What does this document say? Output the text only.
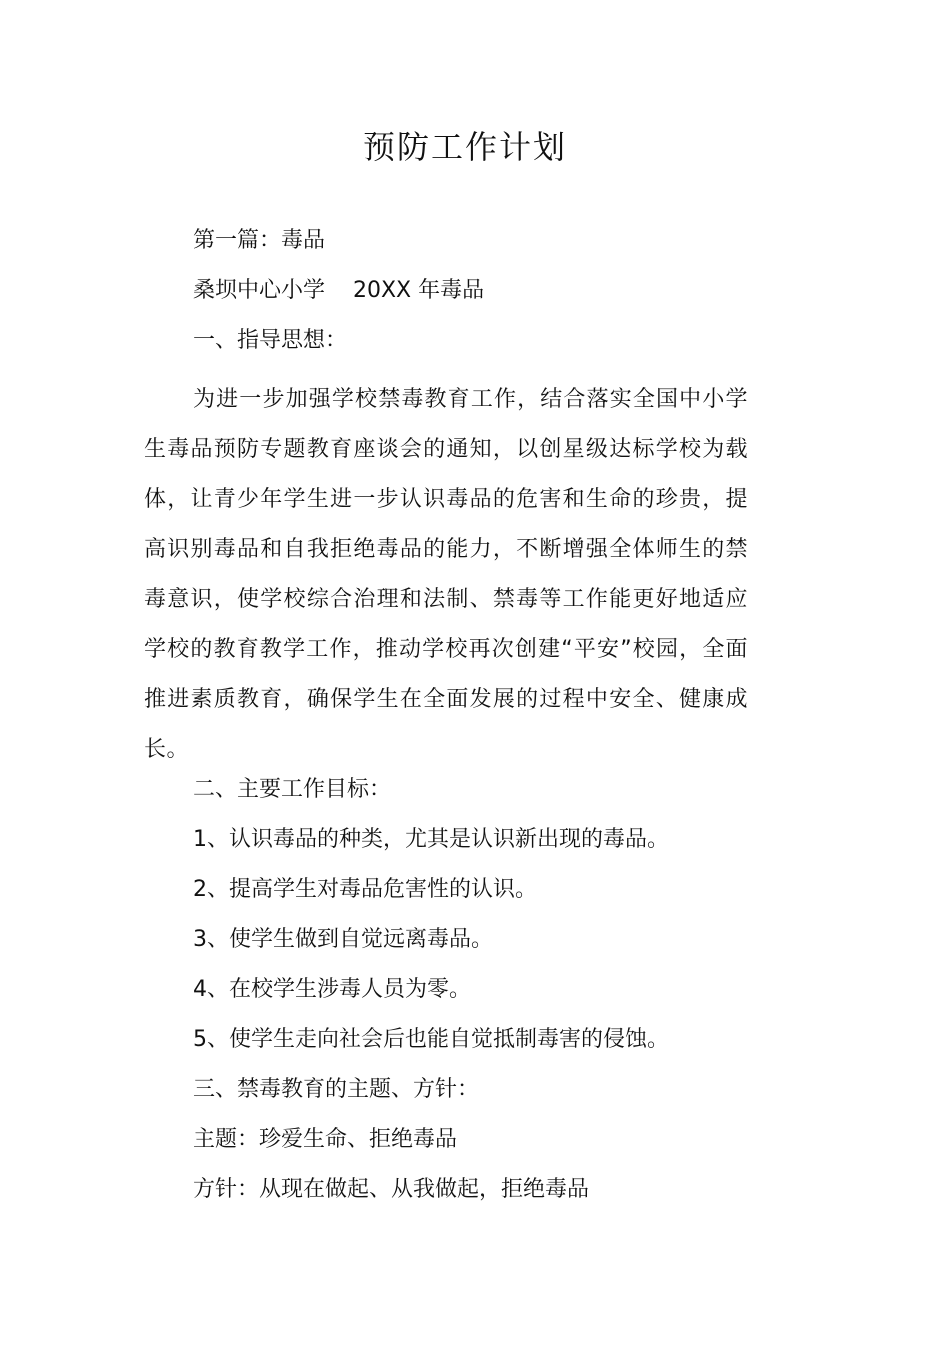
预防工作计划
第一篇：毒品
桑坝中心小学    20XX 年毒品
一、指导思想：
为进一步加强学校禁毒教育工作，结合落实全国中小学生毒品预防专题教育座谈会的通知，以创星级达标学校为载体，让青少年学生进一步认识毒品的危害和生命的珍贵，提高识别毒品和自我拒绝毒品的能力，不断增强全体师生的禁毒意识，使学校综合治理和法制、禁毒等工作能更好地适应学校的教育教学工作，推动学校再次创建“平安”校园，全面推进素质教育，确保学生在全面发展的过程中安全、健康成长。
二、主要工作目标：
1、认识毒品的种类，尤其是认识新出现的毒品。
2、提高学生对毒品危害性的认识。
3、使学生做到自觉远离毒品。
4、在校学生涉毒人员为零。
5、使学生走向社会后也能自觉抵制毒害的侵蚀。
三、禁毒教育的主题、方针：
主题：珍爱生命、拒绝毒品
方针：从现在做起、从我做起，拒绝毒品
